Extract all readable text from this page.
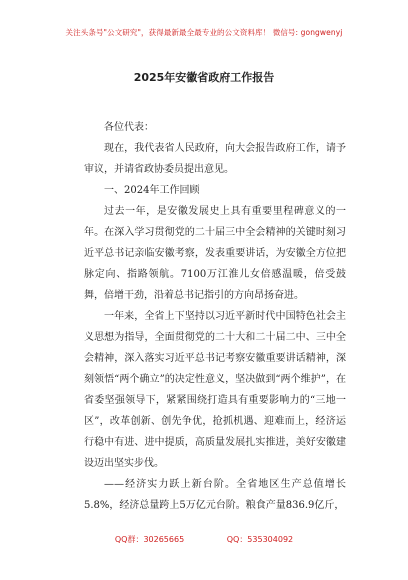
关注头条号"公文研究"，获得最新最全最专业的公文资料库！ 微信号: gongwenyj
2025年安徽省政府工作报告

各位代表：

现在，我代表省人民政府，向大会报告政府工作，请予审议，并请省政协委员提出意见。

一、2024年工作回顾

过去一年，是安徽发展史上具有重要里程碑意义的一年。在深入学习贯彻党的二十届三中全会精神的关键时刻习近平总书记亲临安徽考察，发表重要讲话，为安徽全方位把脉定向、指路领航。7100万江淮儿女倍感温暖，倍受鼓舞，倍增干劲，沿着总书记指引的方向昂扬奋进。

一年来，全省上下坚持以习近平新时代中国特色社会主义思想为指导，全面贯彻党的二十大和二十届二中、三中全会精神，深入落实习近平总书记考察安徽重要讲话精神，深刻领悟“两个确立”的决定性意义，坚决做到“两个维护”，在省委坚强领导下，紧紧围绕打造具有重要影响力的“三地一区”，改革创新、创先争优，抢抓机遇、迎难而上，经济运行稳中有进、进中提质，高质量发展扎实推进，美好安徽建设迈出坚实步伐。

——经济实力跃上新台阶。全省地区生产总值增长5.8%，经济总量跨上5万亿元台阶。粮食产量836.9亿斤，

QQ群：30265665	QQ：535304092
